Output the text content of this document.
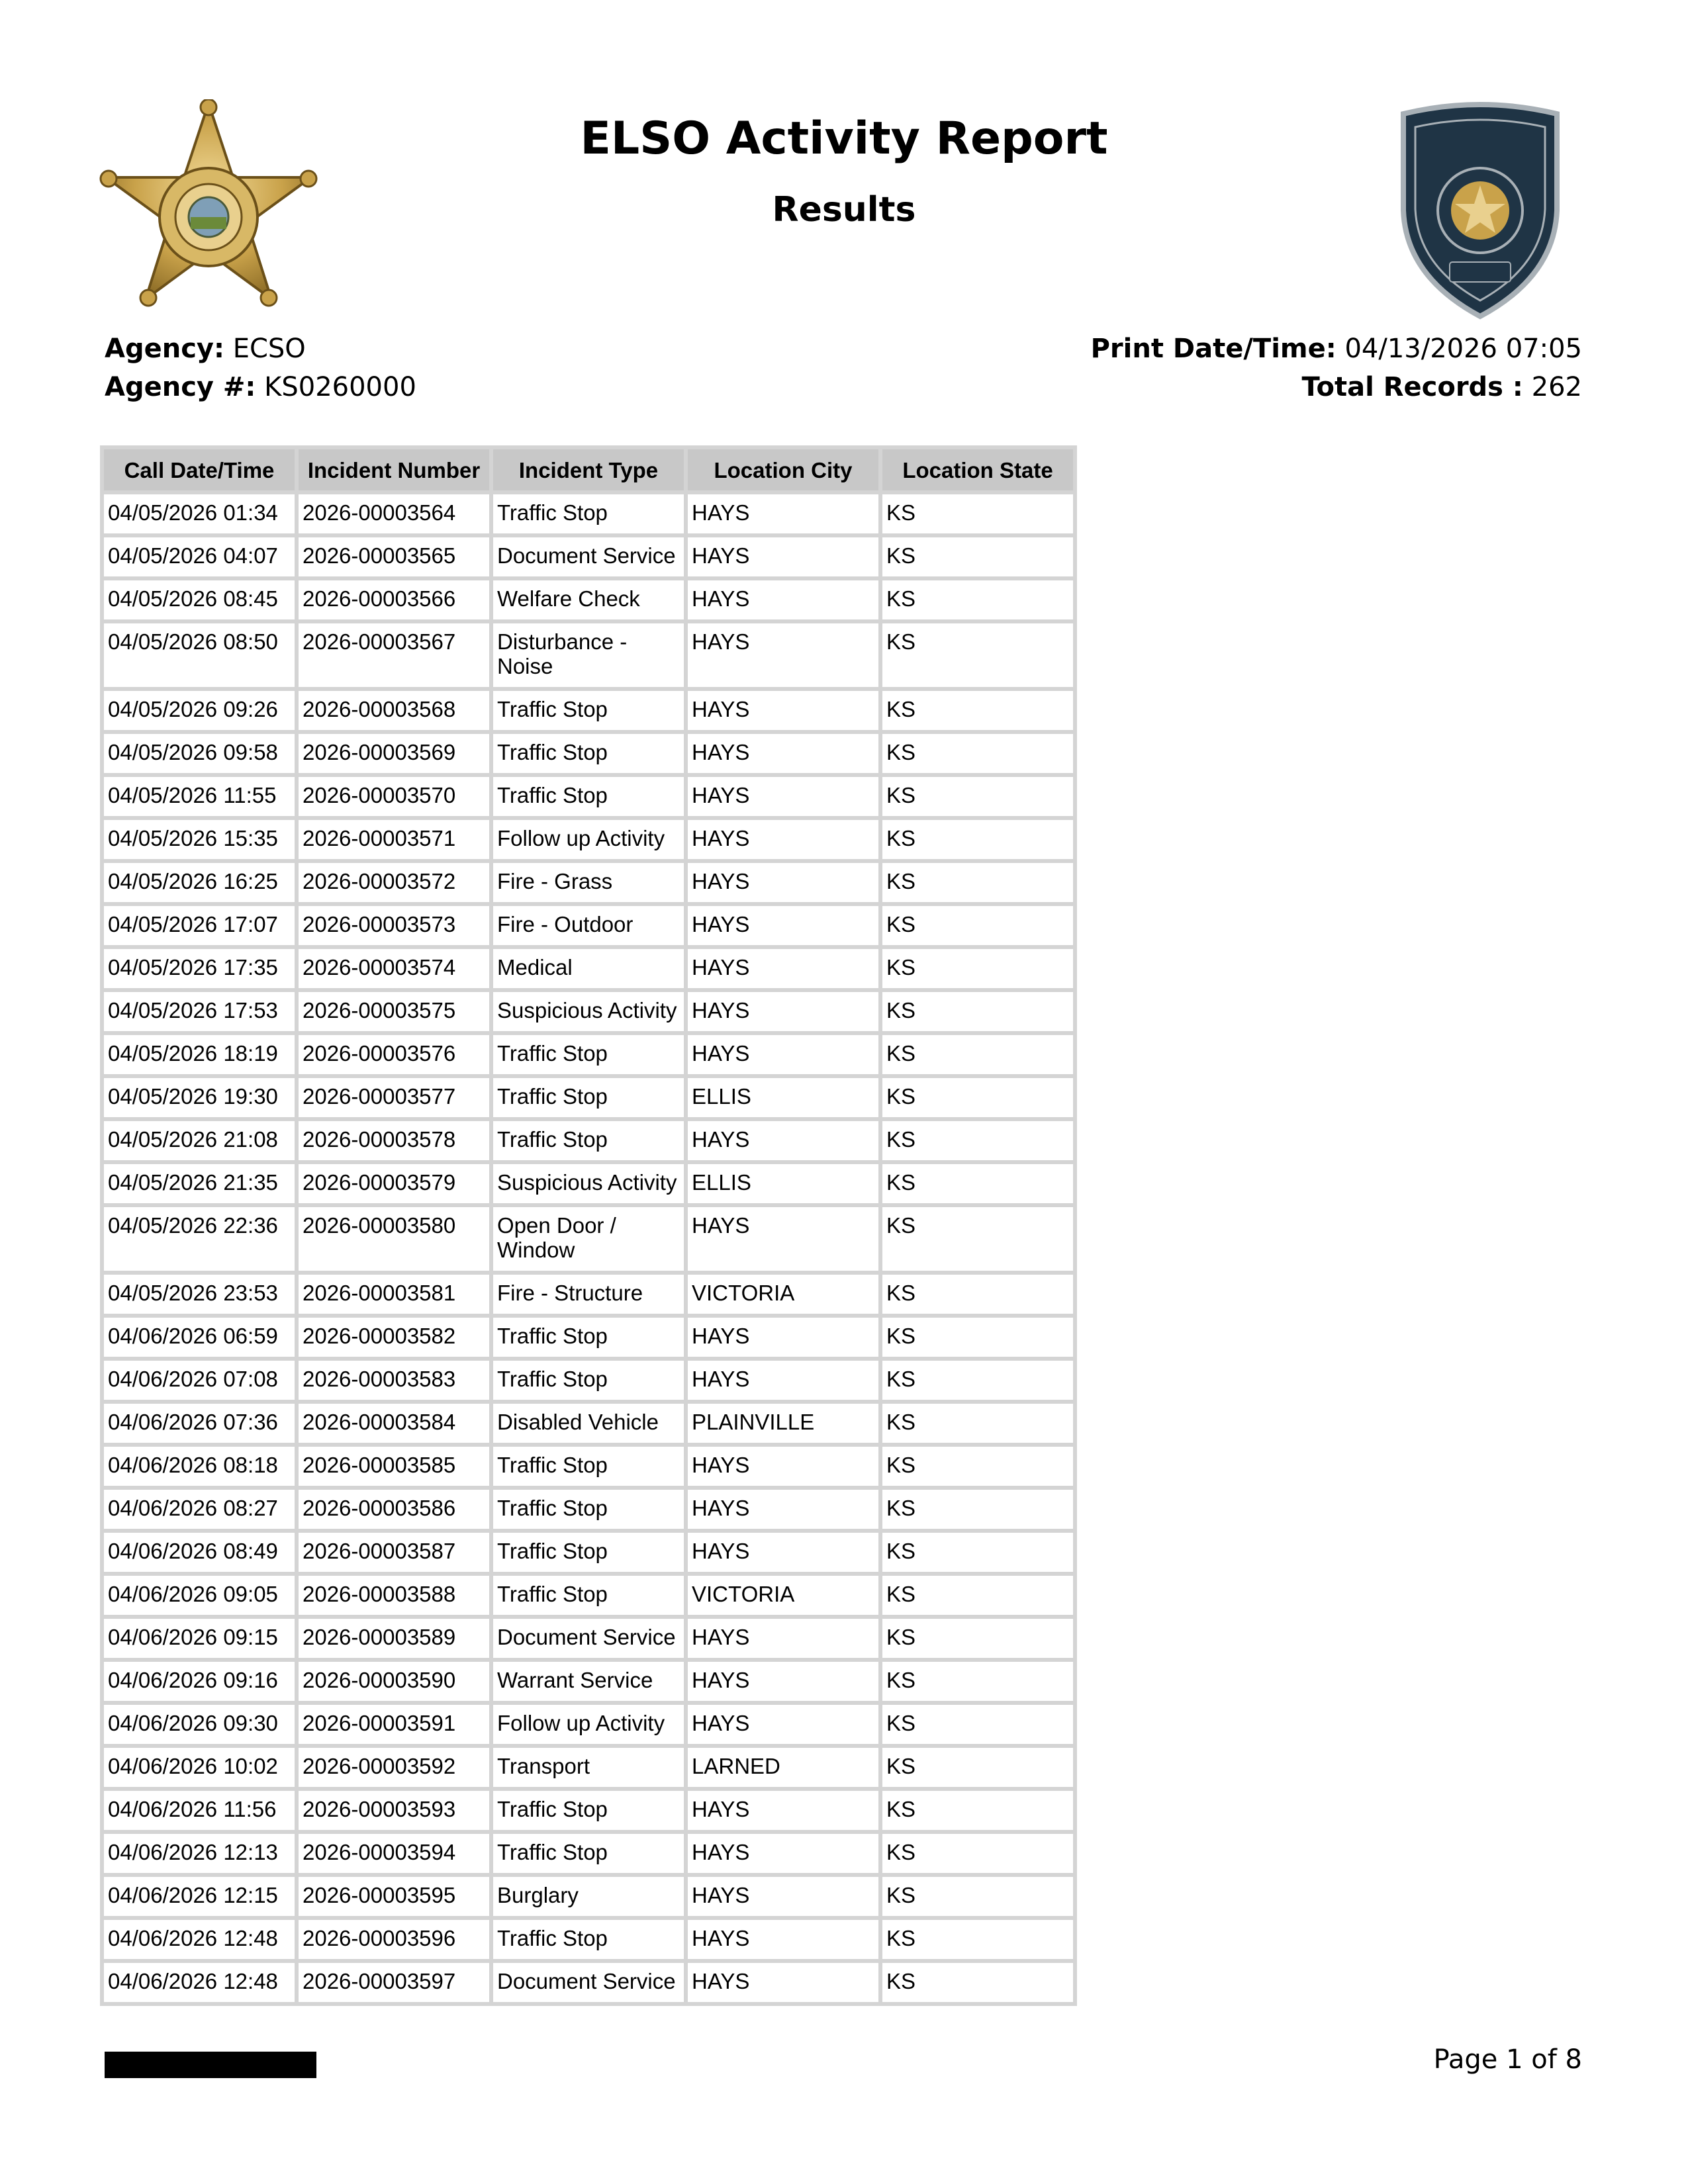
ELSO Activity Report
Results
Agency: ECSO
Agency #: KS0260000
Print Date/Time: 04/13/2026 07:05
Total Records : 262
Call Date/Time	Incident Number	Incident Type	Location City	Location State
04/05/2026 01:34	2026-00003564	Traffic Stop	HAYS	KS
04/05/2026 04:07	2026-00003565	Document Service	HAYS	KS
04/05/2026 08:45	2026-00003566	Welfare Check	HAYS	KS
04/05/2026 08:50	2026-00003567	Disturbance - Noise	HAYS	KS
04/05/2026 09:26	2026-00003568	Traffic Stop	HAYS	KS
04/05/2026 09:58	2026-00003569	Traffic Stop	HAYS	KS
04/05/2026 11:55	2026-00003570	Traffic Stop	HAYS	KS
04/05/2026 15:35	2026-00003571	Follow up Activity	HAYS	KS
04/05/2026 16:25	2026-00003572	Fire - Grass	HAYS	KS
04/05/2026 17:07	2026-00003573	Fire - Outdoor	HAYS	KS
04/05/2026 17:35	2026-00003574	Medical	HAYS	KS
04/05/2026 17:53	2026-00003575	Suspicious Activity	HAYS	KS
04/05/2026 18:19	2026-00003576	Traffic Stop	HAYS	KS
04/05/2026 19:30	2026-00003577	Traffic Stop	ELLIS	KS
04/05/2026 21:08	2026-00003578	Traffic Stop	HAYS	KS
04/05/2026 21:35	2026-00003579	Suspicious Activity	ELLIS	KS
04/05/2026 22:36	2026-00003580	Open Door / Window	HAYS	KS
04/05/2026 23:53	2026-00003581	Fire - Structure	VICTORIA	KS
04/06/2026 06:59	2026-00003582	Traffic Stop	HAYS	KS
04/06/2026 07:08	2026-00003583	Traffic Stop	HAYS	KS
04/06/2026 07:36	2026-00003584	Disabled Vehicle	PLAINVILLE	KS
04/06/2026 08:18	2026-00003585	Traffic Stop	HAYS	KS
04/06/2026 08:27	2026-00003586	Traffic Stop	HAYS	KS
04/06/2026 08:49	2026-00003587	Traffic Stop	HAYS	KS
04/06/2026 09:05	2026-00003588	Traffic Stop	VICTORIA	KS
04/06/2026 09:15	2026-00003589	Document Service	HAYS	KS
04/06/2026 09:16	2026-00003590	Warrant Service	HAYS	KS
04/06/2026 09:30	2026-00003591	Follow up Activity	HAYS	KS
04/06/2026 10:02	2026-00003592	Transport	LARNED	KS
04/06/2026 11:56	2026-00003593	Traffic Stop	HAYS	KS
04/06/2026 12:13	2026-00003594	Traffic Stop	HAYS	KS
04/06/2026 12:15	2026-00003595	Burglary	HAYS	KS
04/06/2026 12:48	2026-00003596	Traffic Stop	HAYS	KS
04/06/2026 12:48	2026-00003597	Document Service	HAYS	KS
Page 1 of 8
